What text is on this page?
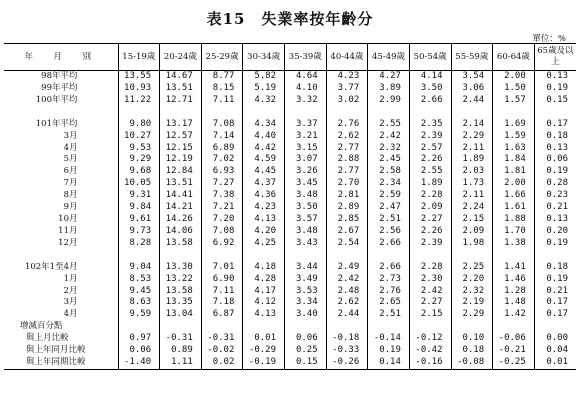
表15　失業率按年齡分
單位：%
年　月　別	15-19歲	20-24歲	25-29歲	30-34歲	35-39歲	40-44歲	45-49歲	50-54歲	55-59歲	60-64歲	65歲及以上
98年平均	13.55	14.67	8.77	5.82	4.64	4.23	4.27	4.14	3.54	2.00	0.13
99年平均	10.93	13.51	8.15	5.19	4.10	3.77	3.89	3.50	3.06	1.50	0.19
100年平均	11.22	12.71	7.11	4.32	3.32	3.02	2.99	2.66	2.44	1.57	0.15

101年平均	9.80	13.17	7.08	4.34	3.37	2.76	2.55	2.35	2.14	1.69	0.17
3月	10.27	12.57	7.14	4.40	3.21	2.62	2.42	2.39	2.29	1.59	0.18
4月	9.53	12.15	6.89	4.42	3.15	2.77	2.32	2.57	2.11	1.63	0.13
5月	9.29	12.19	7.02	4.59	3.07	2.88	2.45	2.26	1.89	1.84	0.06
6月	9.68	12.84	6.93	4.45	3.26	2.77	2.58	2.55	2.03	1.81	0.19
7月	10.05	13.51	7.27	4.37	3.45	2.70	2.34	1.89	1.73	2.00	0.28
8月	9.31	14.41	7.38	4.36	3.48	2.81	2.59	2.28	2.11	1.66	0.23
9月	9.84	14.21	7.21	4.23	3.50	2.89	2.47	2.09	2.24	1.61	0.21
10月	9.61	14.26	7.20	4.13	3.57	2.85	2.51	2.27	2.15	1.88	0.13
11月	9.73	14.06	7.08	4.20	3.48	2.67	2.56	2.26	2.09	1.70	0.20
12月	8.28	13.58	6.92	4.25	3.43	2.54	2.66	2.39	1.98	1.38	0.19

102年1至4月	9.04	13.30	7.01	4.18	3.44	2.49	2.66	2.28	2.25	1.41	0.18
1月	8.53	13.22	6.90	4.28	3.49	2.42	2.73	2.30	2.20	1.46	0.19
2月	9.45	13.58	7.11	4.17	3.53	2.48	2.76	2.42	2.32	1.28	0.21
3月	8.63	13.35	7.18	4.12	3.34	2.62	2.65	2.27	2.19	1.48	0.17
4月	9.59	13.04	6.87	4.13	3.40	2.44	2.51	2.15	2.29	1.42	0.17
增減百分點											
與上月比較	0.97	-0.31	-0.31	0.01	0.06	-0.18	-0.14	-0.12	0.10	-0.06	0.00
與上年同月比較	0.06	0.89	-0.02	-0.29	0.25	-0.33	0.19	-0.42	0.18	-0.21	0.04
與上年同期比較	-1.40	1.11	0.02	-0.19	0.15	-0.26	0.14	-0.16	-0.08	-0.25	0.01
